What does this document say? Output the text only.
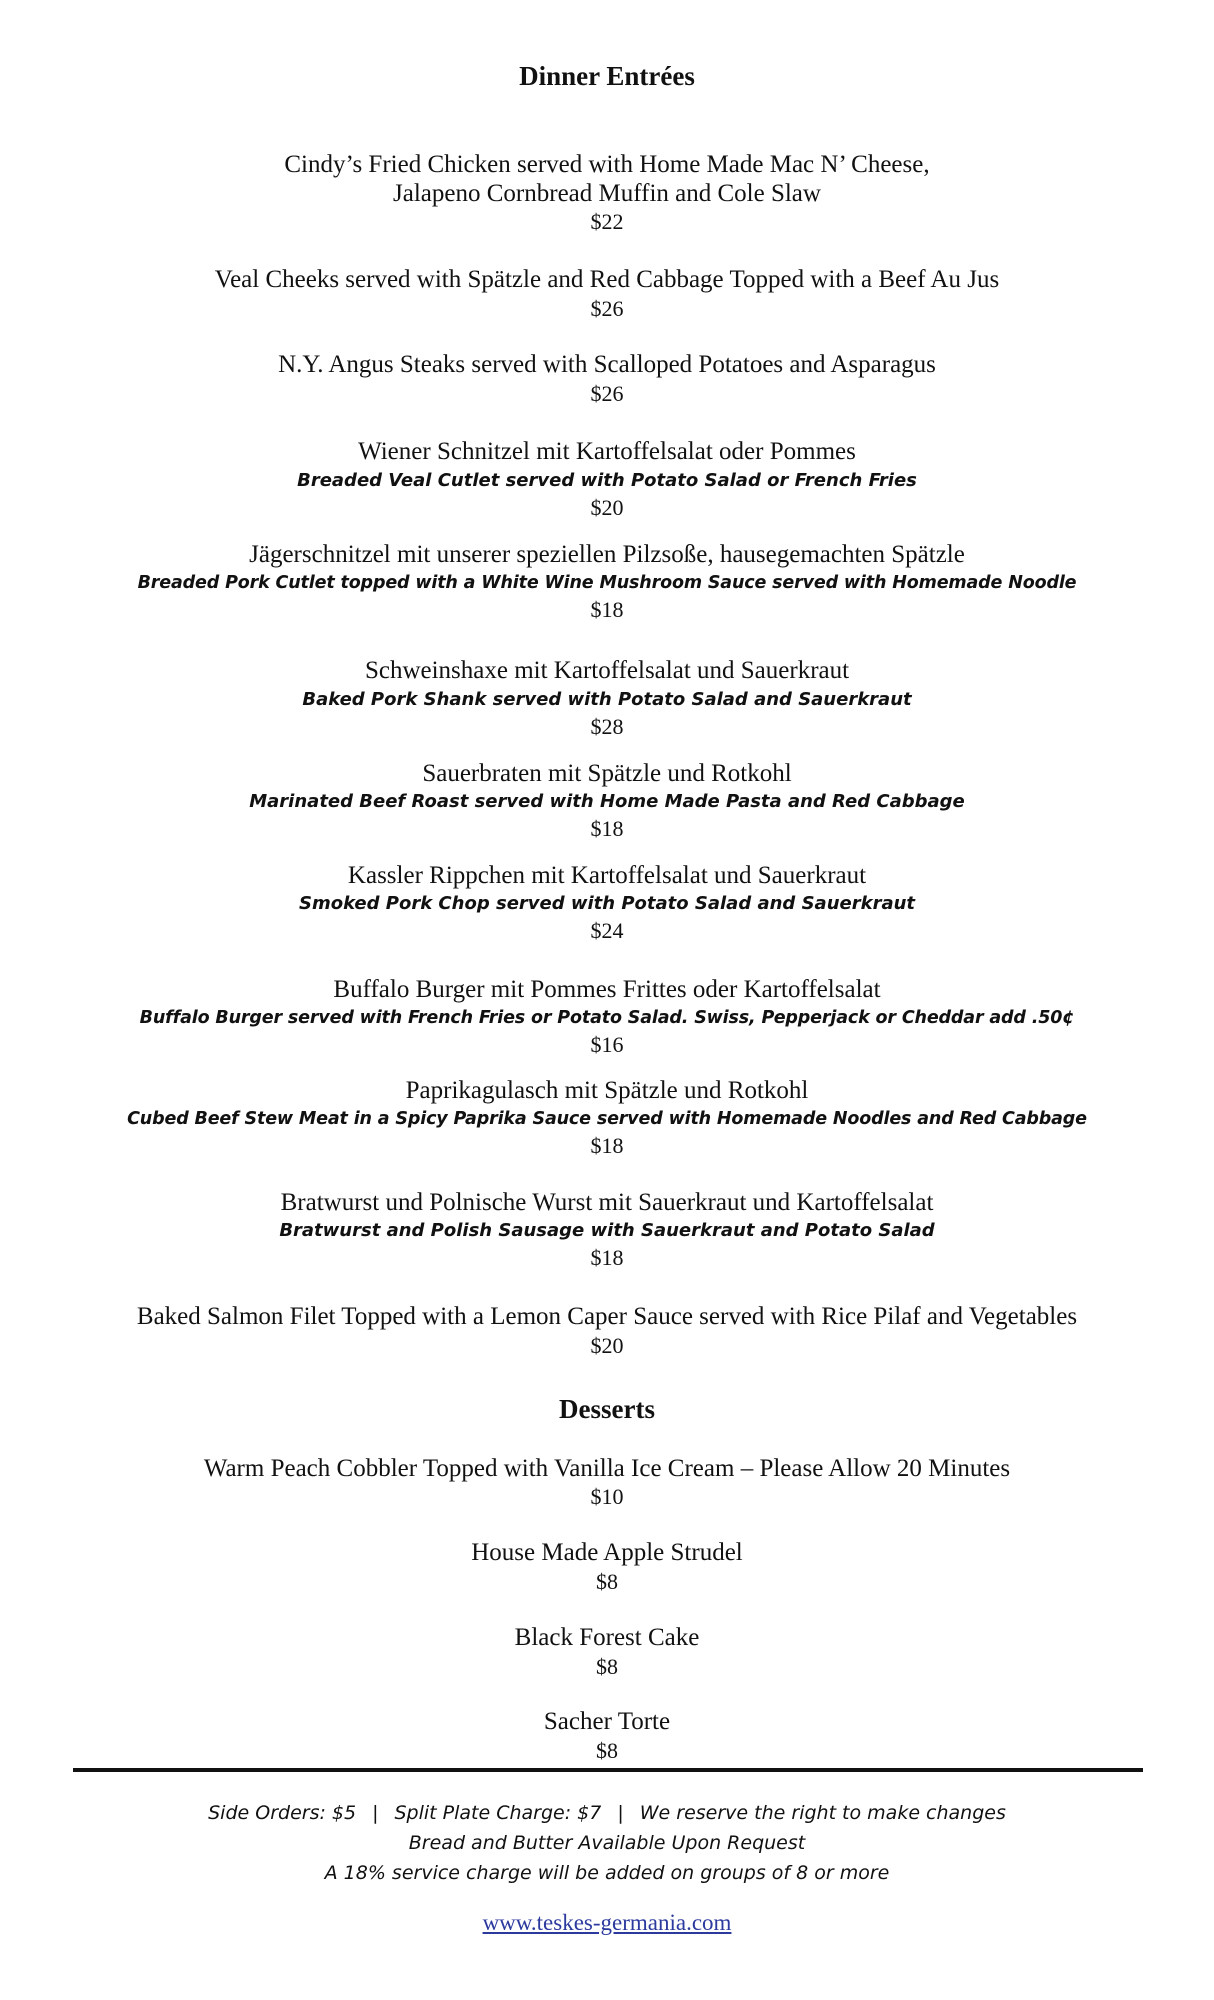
Dinner Entrées
Cindy’s Fried Chicken served with Home Made Mac N’ Cheese,
Jalapeno Cornbread Muffin and Cole Slaw
$22
Veal Cheeks served with Spätzle and Red Cabbage Topped with a Beef Au Jus
$26
N.Y. Angus Steaks served with Scalloped Potatoes and Asparagus
$26
Wiener Schnitzel mit Kartoffelsalat oder Pommes
Breaded Veal Cutlet served with Potato Salad or French Fries
$20
Jägerschnitzel mit unserer speziellen Pilzsoße, hausegemachten Spätzle
Breaded Pork Cutlet topped with a White Wine Mushroom Sauce served with Homemade Noodle
$18
Schweinshaxe mit Kartoffelsalat und Sauerkraut
Baked Pork Shank served with Potato Salad and Sauerkraut
$28
Sauerbraten mit Spätzle und Rotkohl
Marinated Beef Roast served with Home Made Pasta and Red Cabbage
$18
Kassler Rippchen mit Kartoffelsalat und Sauerkraut
Smoked Pork Chop served with Potato Salad and Sauerkraut
$24
Buffalo Burger mit Pommes Frittes oder Kartoffelsalat
Buffalo Burger served with French Fries or Potato Salad. Swiss, Pepperjack or Cheddar add .50¢
$16
Paprikagulasch mit Spätzle und Rotkohl
Cubed Beef Stew Meat in a Spicy Paprika Sauce served with Homemade Noodles and Red Cabbage
$18
Bratwurst und Polnische Wurst mit Sauerkraut und Kartoffelsalat
Bratwurst and Polish Sausage with Sauerkraut and Potato Salad
$18
Baked Salmon Filet Topped with a Lemon Caper Sauce served with Rice Pilaf and Vegetables
$20
Desserts
Warm Peach Cobbler Topped with Vanilla Ice Cream – Please Allow 20 Minutes
$10
House Made Apple Strudel
$8
Black Forest Cake
$8
Sacher Torte
$8
Side Orders: $5 | Split Plate Charge: $7 | We reserve the right to make changes
Bread and Butter Available Upon Request
A 18% service charge will be added on groups of 8 or more
www.teskes-germania.com
